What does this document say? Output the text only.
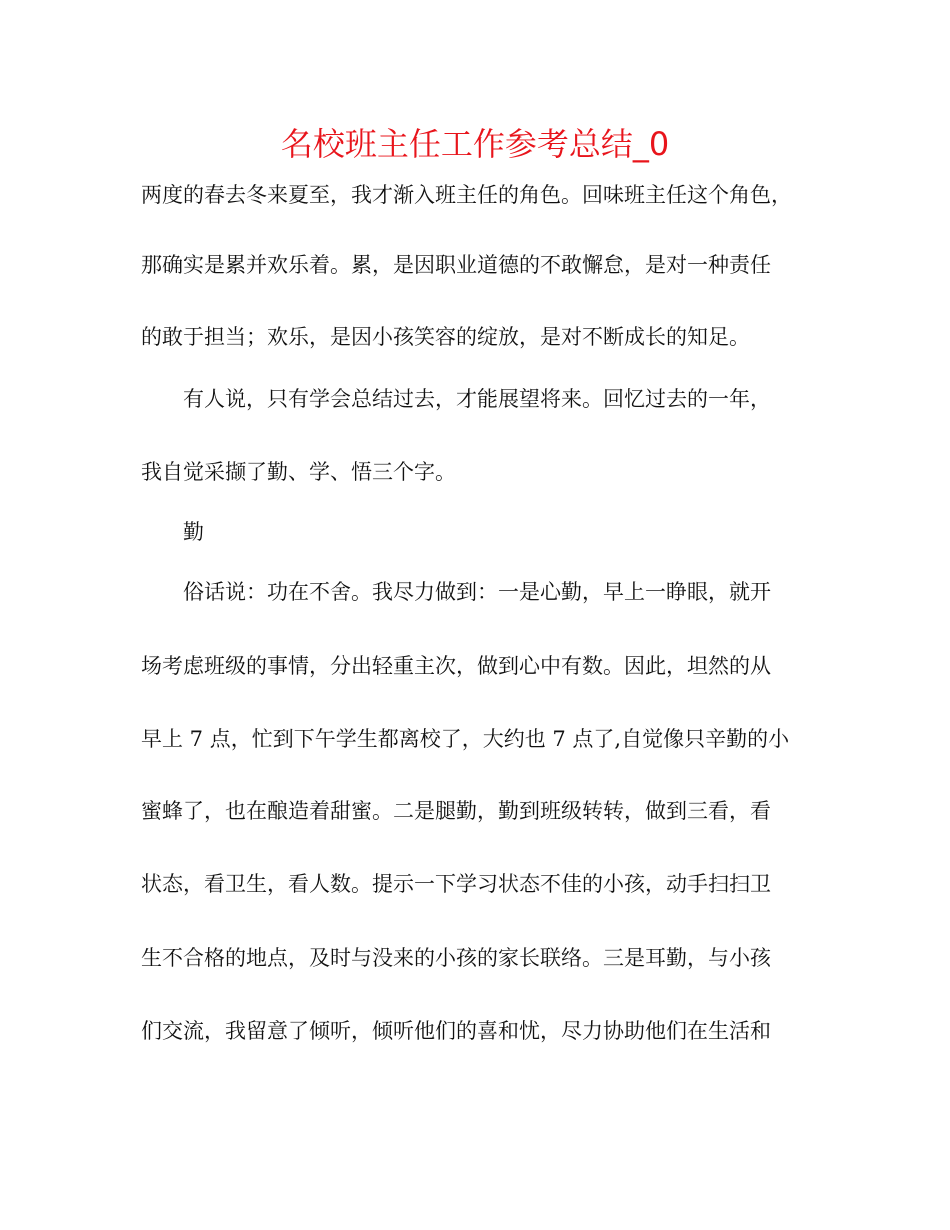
名校班主任工作参考总结_0
两度的春去冬来夏至，我才渐入班主任的角色。回味班主任这个角色，
那确实是累并欢乐着。累，是因职业道德的不敢懈怠，是对一种责任
的敢于担当；欢乐，是因小孩笑容的绽放，是对不断成长的知足。
有人说，只有学会总结过去，才能展望将来。回忆过去的一年，
我自觉采撷了勤、学、悟三个字。
勤
俗话说：功在不舍。我尽力做到：一是心勤，早上一睁眼，就开
场考虑班级的事情，分出轻重主次，做到心中有数。因此，坦然的从
早上 7 点，忙到下午学生都离校了，大约也 7 点了,自觉像只辛勤的小
蜜蜂了，也在酿造着甜蜜。二是腿勤，勤到班级转转，做到三看，看
状态，看卫生，看人数。提示一下学习状态不佳的小孩，动手扫扫卫
生不合格的地点，及时与没来的小孩的家长联络。三是耳勤，与小孩
们交流，我留意了倾听，倾听他们的喜和忧，尽力协助他们在生活和
